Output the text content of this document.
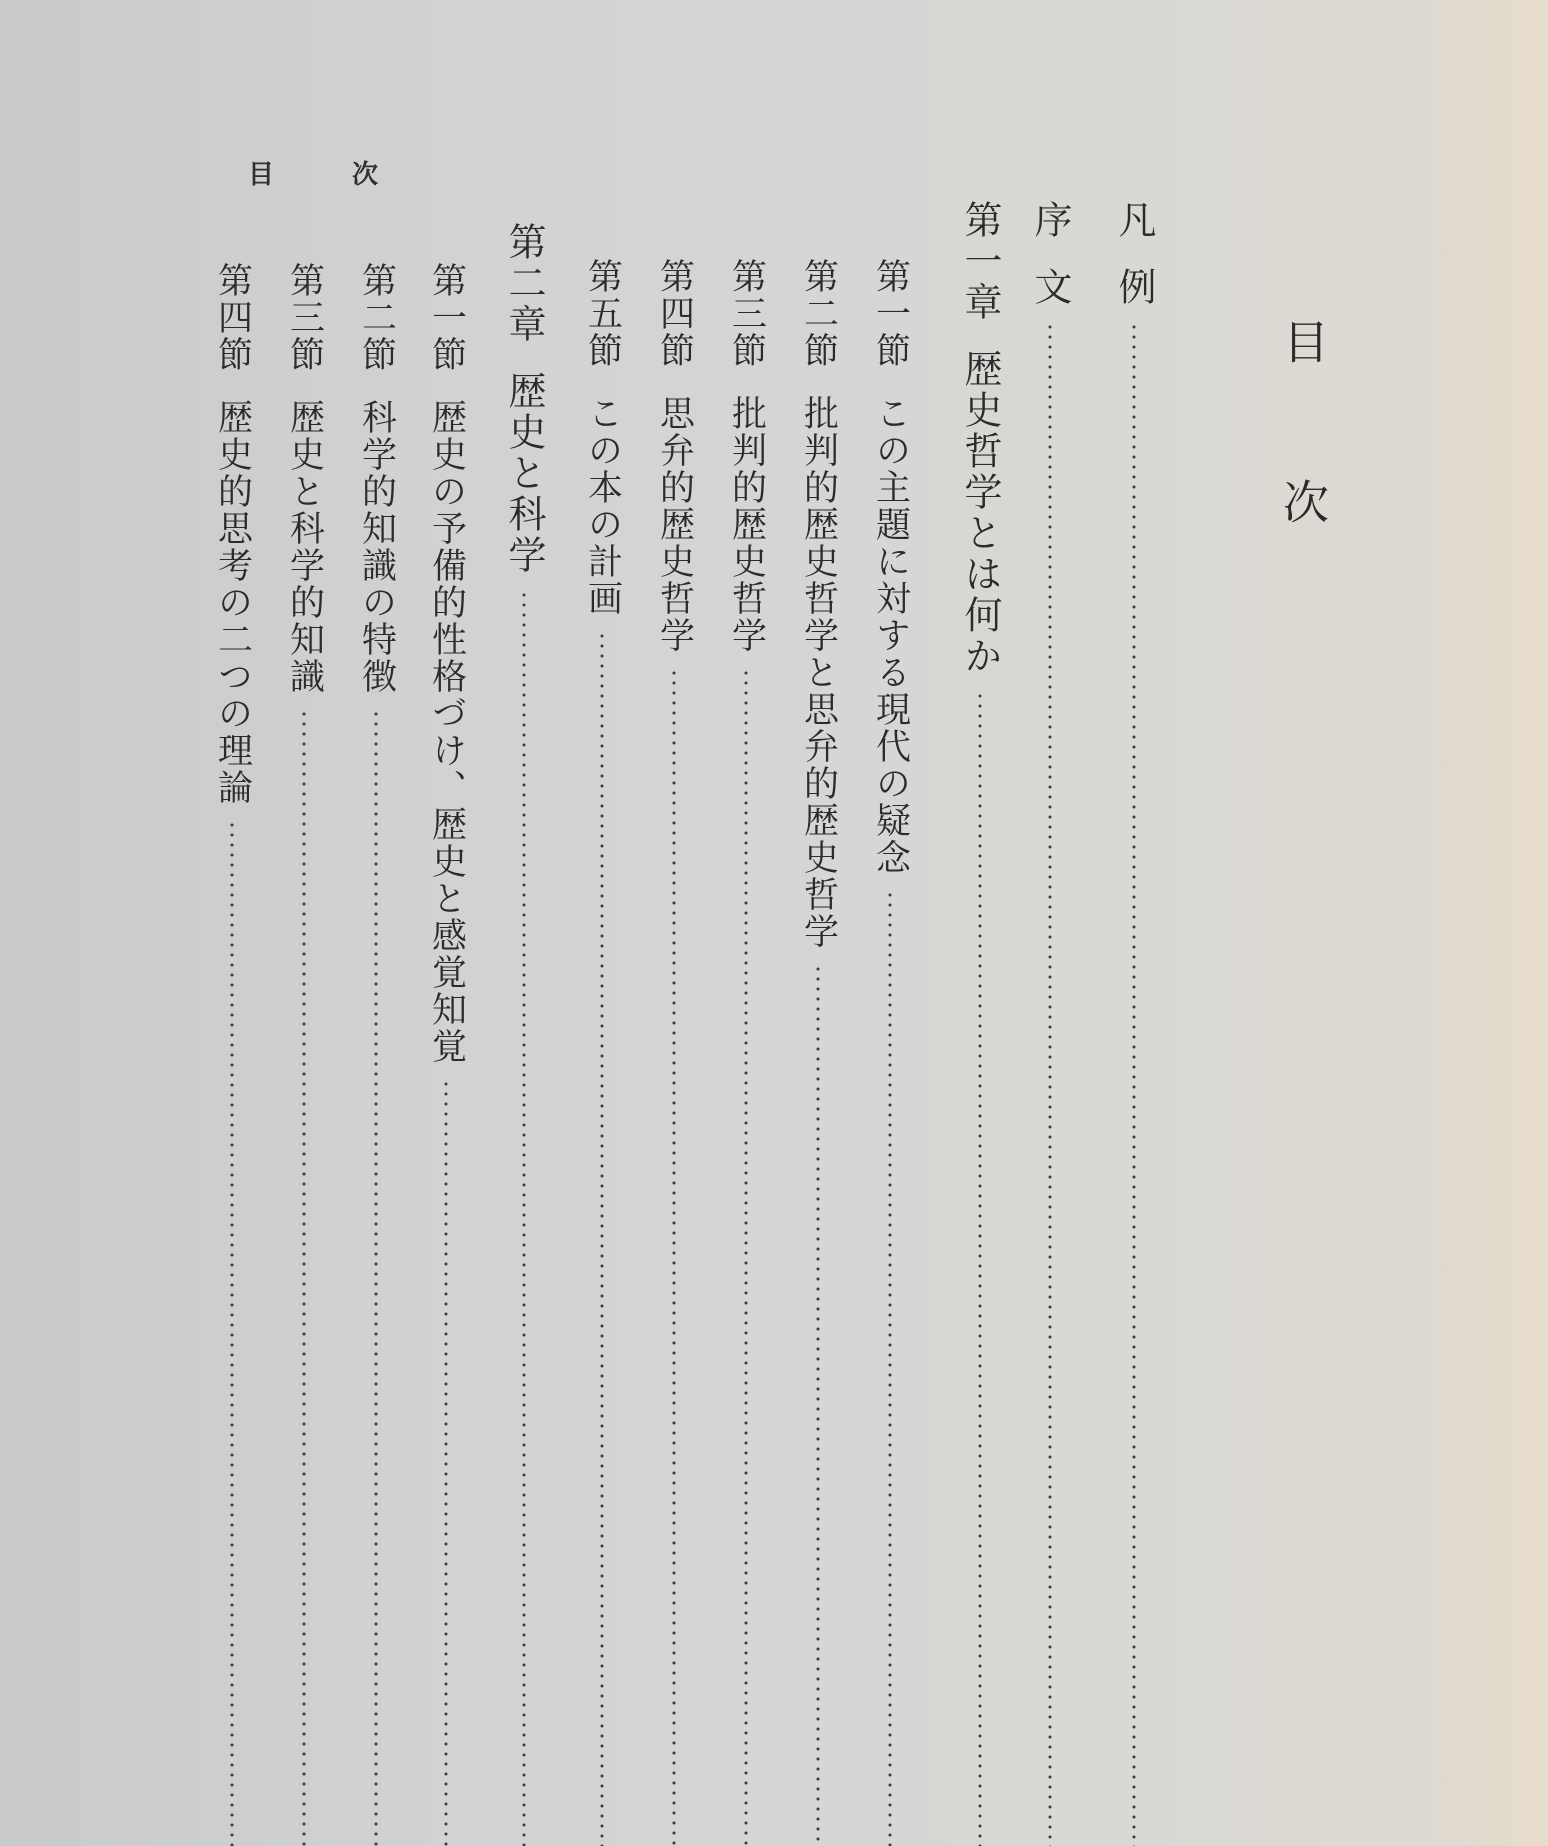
目　次
目	次
凡例
序文
第一章歴史哲学とは何か
第一節この主題に対する現代の疑念
第二節批判的歴史哲学と思弁的歴史哲学
第三節批判的歴史哲学
第四節思弁的歴史哲学
第五節この本の計画
第二章歴史と科学
第一節歴史の予備的性格づけ、歴史と感覚知覚
第二節科学的知識の特徴
第三節歴史と科学的知識
第四節歴史的思考の二つの理論
